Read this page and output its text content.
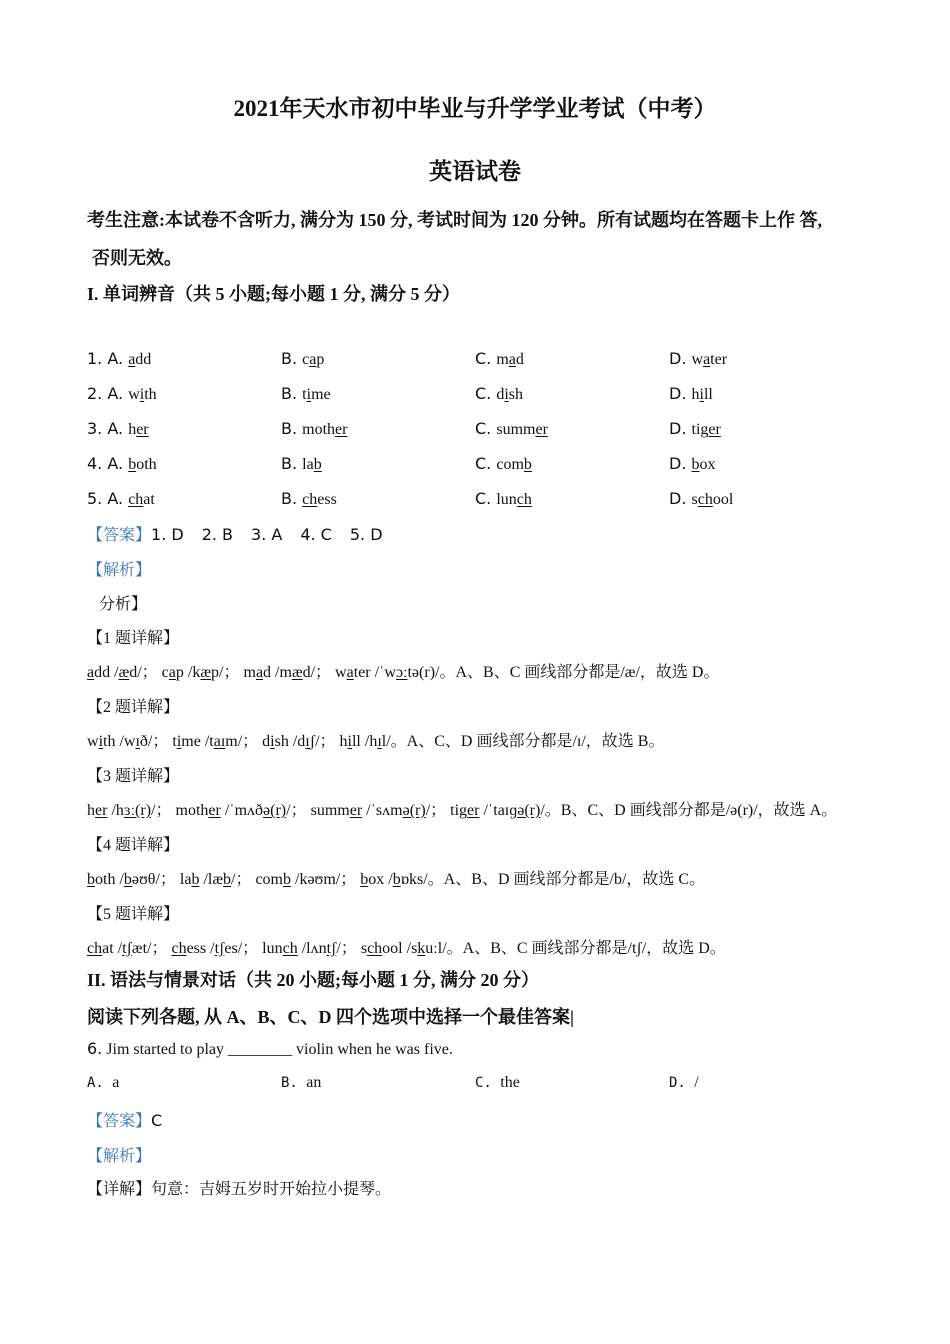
2021年天水市初中毕业与升学学业考试（中考）
英语试卷
考生注意:本试卷不含听力, 满分为 150 分, 考试时间为 120 分钟。所有试题均在答题卡上作 答,
否则无效。
I. 单词辨音（共 5 小题;每小题 1 分, 满分 5 分）
1. A. add	B. cap	C. mad	D. water
2. A. with	B. time	C. dish	D. hill
3. A. her	B. mother	C. summer	D. tiger
4. A. both	B. lab	C. comb	D. box
5. A. chat	B. chess	C. lunch	D. school
【答案】1. D 2. B 3. A 4. C 5. D
【解析】
分析】
【1 题详解】
add /æd/； cap /kæp/； mad /mæd/； water /ˈwɔːtə(r)/。A、B、C 画线部分都是/æ/，故选 D。
【2 题详解】
with /wɪð/； time /taɪm/； dish /dɪʃ/； hill /hɪl/。A、C、D 画线部分都是/ɪ/，故选 B。
【3 题详解】
her /hɜː(r)/； mother /ˈmʌðə(r)/； summer /ˈsʌmə(r)/； tiger /ˈtaɪɡə(r)/。B、C、D 画线部分都是/ə(r)/，故选 A。
【4 题详解】
both /bəʊθ/； lab /læb/； comb /kəʊm/； box /bɒks/。A、B、D 画线部分都是/b/，故选 C。
【5 题详解】
chat /tʃæt/； chess /tʃes/； lunch /lʌntʃ/； school /skuːl/。A、B、C 画线部分都是/tʃ/，故选 D。
II. 语法与情景对话（共 20 小题;每小题 1 分, 满分 20 分）
阅读下列各题, 从 A、B、C、D 四个选项中选择一个最佳答案|
6. Jim started to play ________ violin when he was five.
A. a	B. an	C. the	D. /
【答案】C
【解析】
【详解】句意：吉姆五岁时开始拉小提琴。
